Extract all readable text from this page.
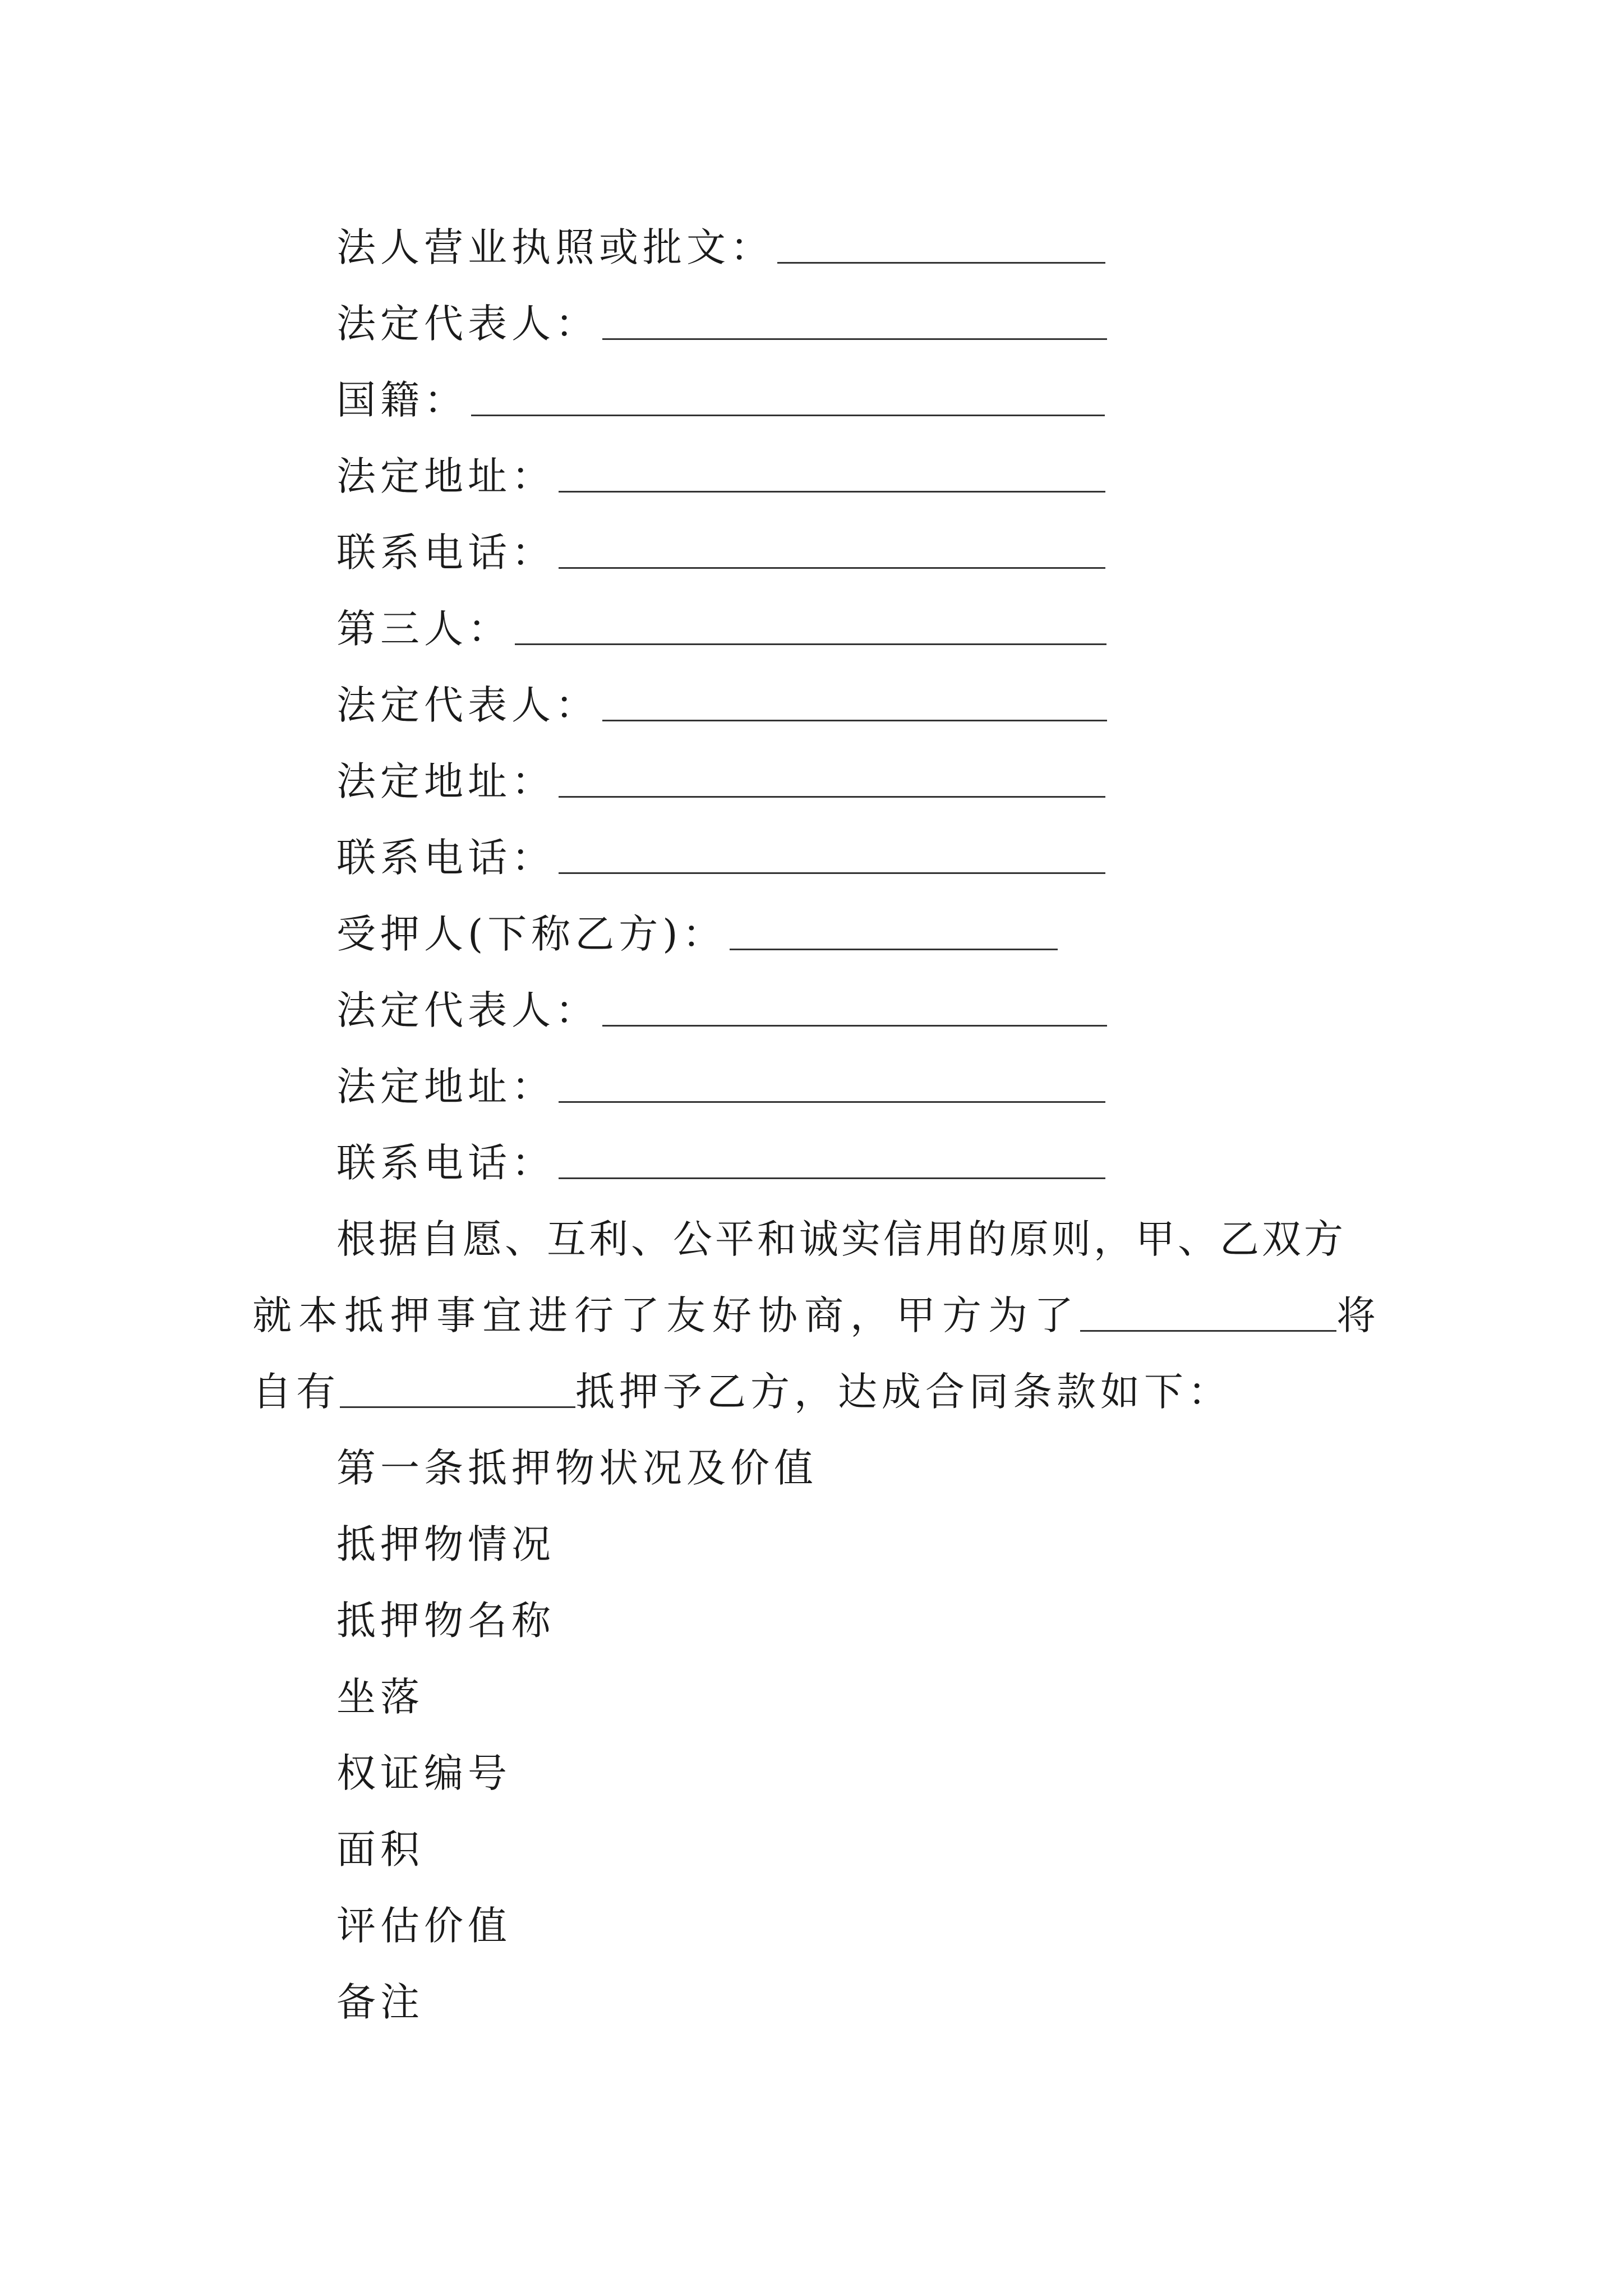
法人营业执照或批文：
法定代表人：
国籍：
法定地址：
联系电话：
第三人：
法定代表人：
法定地址：
联系电话：
受押人(下称乙方)：
法定代表人：
法定地址：
联系电话：
根据自愿、互利、公平和诚实信用的原则，甲、乙双方
就本抵押事宜进行了友好协商，甲方为了	将
自有	抵押予乙方，达成合同条款如下：
第一条抵押物状况及价值
抵押物情况
抵押物名称
坐落
权证编号
面积
评估价值
备注
